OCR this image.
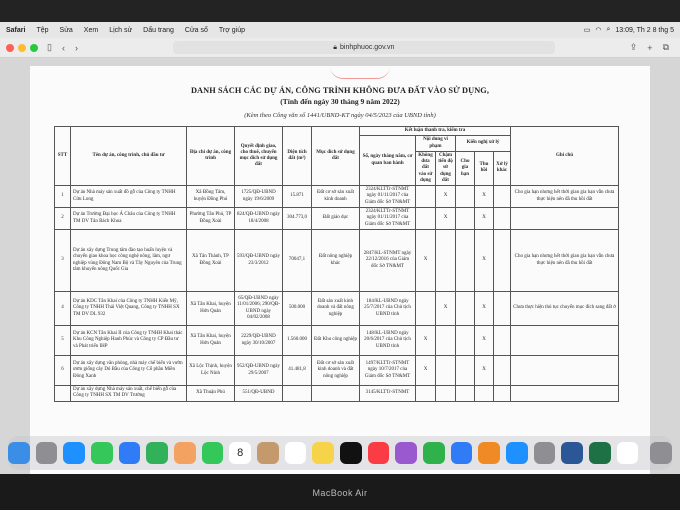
Safari Tệp Sửa Xem Lịch sử Dấu trang Cửa sổ Trợ giúp	▭ ◠ ⌕ 13:09, Th 2 8 thg 5
▯ ‹ ›	🔒︎ binhphuoc.gov.vn	⇪ + ⧉
DANH SÁCH CÁC DỰ ÁN, CÔNG TRÌNH KHÔNG ĐƯA ĐẤT VÀO SỬ DỤNG,
(Tính đến ngày 30 tháng 9 năm 2022)
(Kèm theo Công văn số 1441/UBND-KT ngày 04/5/2023 của UBND tỉnh)
STT	Tên dự án, công trình, chủ đầu tư	Địa chỉ dự án, công trình	Quyết định giao, cho thuê, chuyển mục đích sử dụng đất	Diện tích đất (m²)	Mục đích sử dụng đất	Kết luận thanh tra, kiểm tra						Ghi chú
						Số, ngày tháng năm, cơ quan ban hành	Nội dung vi phạm		Kiến nghị xử lý			
							Không đưa đất vào sử dụng	Chậm tiến độ sử dụng đất	Cho gia hạn	Thu hồi	Xử lý khác	
1	Dự án Nhà máy sản xuất đồ gỗ của Công ty TNHH Cửu Long	Xã Đồng Tâm, huyện Đồng Phú	1725/QĐ-UBND ngày 19/6/2009	15.871	Đất cơ sở sản xuất kinh doanh	2324/KLTTr-STNMT ngày 01/11/2017 của Giám đốc Sở TN&MT		X		X		Cho gia hạn nhưng hết thời gian gia hạn vẫn chưa thực hiện nên đã thu hồi đất
2	Dự án Trường Đại học Á Châu của Công ty TNHH TM DV Tân Bách Khoa	Phường Tân Phú, TP Đồng Xoài	824/QĐ-UBND ngày 18/4/2008	304.773,0	Đất giáo dục	2324/KLTTr-STNMT ngày 01/11/2017 của Giám đốc Sở TN&MT		X		X		
3	Dự án xây dựng Trung tâm đào tạo huấn luyện và chuyển giao khoa học công nghệ nông, lâm, ngư nghiệp vùng Đông Nam Bộ và Tây Nguyên của Trung tâm khuyến nông Quốc Gia	Xã Tân Thành, TP Đồng Xoài	593/QĐ-UBND ngày 23/3/2012	70047,1	Đất nông nghiệp khác	2847/KL-STNMT ngày 22/12/2016 của Giám đốc Sở TN&MT	X			X		Cho gia hạn nhưng hết thời gian gia hạn vẫn chưa thực hiện nên đã thu hồi đất
4	Dự án KDC Tân Khai của Công ty TNHH Kiến Mỹ, Công ty TNHH Thái Việt Quang, Công ty TNHH SX TM DV DL 932	Xã Tân Khai, huyện Hớn Quản	65/QĐ-UBND ngày 11/01/2006; 290/QĐ-UBND ngày 04/02/2008	500.000	Đất sản xuất kinh doanh và đất nông nghiệp	184/KL-UBND ngày 25/7/2017 của Chủ tịch UBND tỉnh		X		X		Chưa thực hiện thủ tục chuyển mục đích sang đất ở
5	Dự án KCN Tân Khai II của Công ty TNHH Khai thác Khu Công Nghiệp Hanh Phúc và Công ty CP Đầu tư và Phát triển IHP	Xã Tân Khai, huyện Hớn Quản	2229/QĐ-UBND ngày 30/10/2007	1.560.000	Đất Khu công nghiệp	148/KL-UBND ngày 20/6/2017 của Chủ tịch UBND tỉnh	X			X		
6	Dự án xây dựng văn phòng, nhà máy chế biến và vườn ươm giống cây Dó Bầu của Công ty Cổ phần Miền Đông Xanh	Xã Lộc Thịnh, huyện Lộc Ninh	952/QĐ-UBND ngày 29/5/2007	41.481,8	Đất cơ sở sản xuất kinh doanh và đất nông nghiệp	1497/KLTTr-STNMT ngày 10/7/2017 của Giám đốc Sở TN&MT	X			X		
	Dự án xây dựng Nhà máy sản xuất, chế biến gỗ của Công ty TNHH SX TM DV Trường	Xã Thuận Phú	551/QĐ-UBND			3145/KLTTr-STNMT						
8
MacBook Air
